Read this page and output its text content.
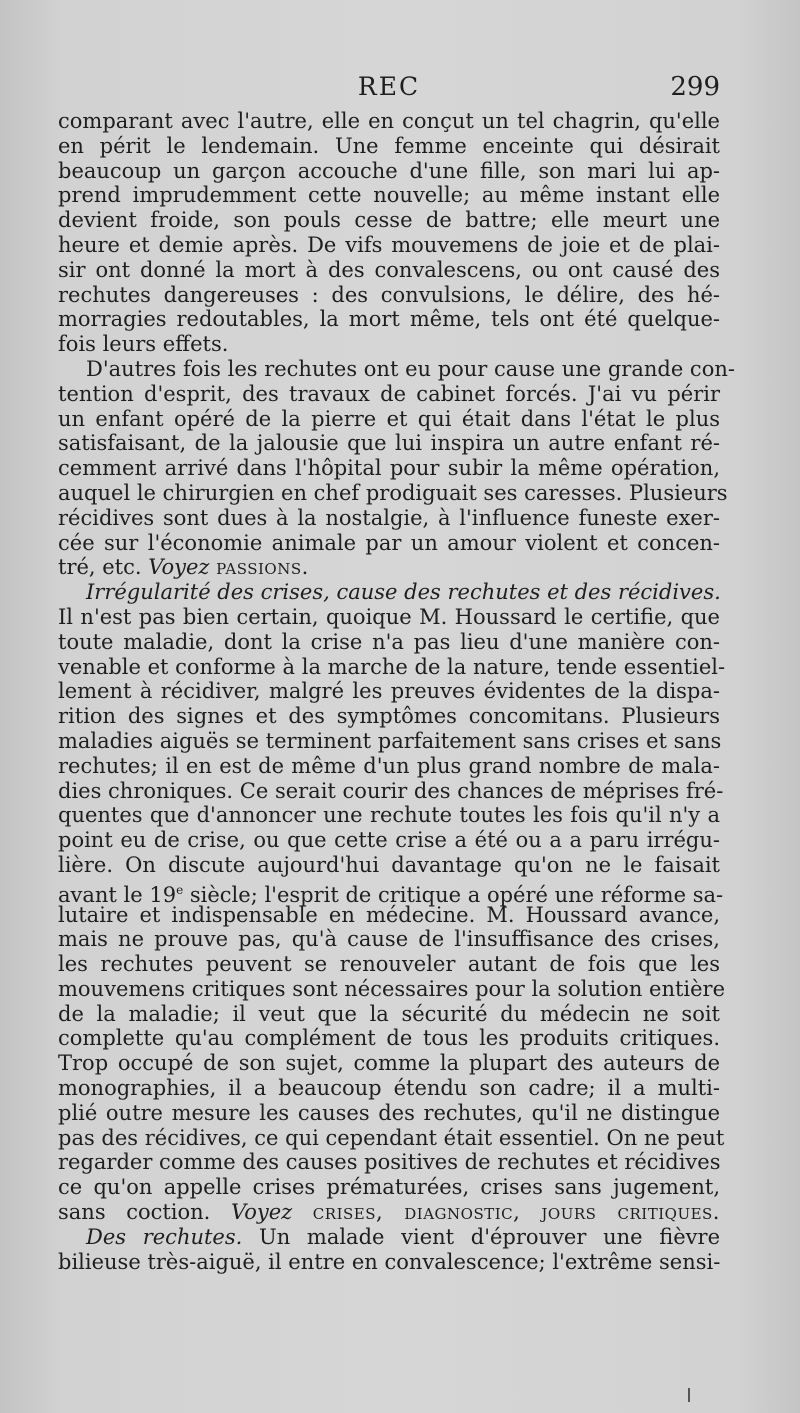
REC	299
comparant avec l'autre, elle en conçut un tel chagrin, qu'elle
en périt le lendemain. Une femme enceinte qui désirait
beaucoup un garçon accouche d'une fille, son mari lui ap-
prend imprudemment cette nouvelle; au même instant elle
devient froide, son pouls cesse de battre; elle meurt une
heure et demie après. De vifs mouvemens de joie et de plai-
sir ont donné la mort à des convalescens, ou ont causé des
rechutes dangereuses : des convulsions, le délire, des hé-
morragies redoutables, la mort même, tels ont été quelque-
fois leurs effets.
D'autres fois les rechutes ont eu pour cause une grande con-
tention d'esprit, des travaux de cabinet forcés. J'ai vu périr
un enfant opéré de la pierre et qui était dans l'état le plus
satisfaisant, de la jalousie que lui inspira un autre enfant ré-
cemment arrivé dans l'hôpital pour subir la même opération,
auquel le chirurgien en chef prodiguait ses caresses. Plusieurs
récidives sont dues à la nostalgie, à l'influence funeste exer-
cée sur l'économie animale par un amour violent et concen-
tré, etc. Voyez passions.
Irrégularité des crises, cause des rechutes et des récidives.
Il n'est pas bien certain, quoique M. Houssard le certifie, que
toute maladie, dont la crise n'a pas lieu d'une manière con-
venable et conforme à la marche de la nature, tende essentiel-
lement à récidiver, malgré les preuves évidentes de la dispa-
rition des signes et des symptômes concomitans. Plusieurs
maladies aiguës se terminent parfaitement sans crises et sans
rechutes; il en est de même d'un plus grand nombre de mala-
dies chroniques. Ce serait courir des chances de méprises fré-
quentes que d'annoncer une rechute toutes les fois qu'il n'y a
point eu de crise, ou que cette crise a été ou a a paru irrégu-
lière. On discute aujourd'hui davantage qu'on ne le faisait
avant le 19e siècle; l'esprit de critique a opéré une réforme sa-
lutaire et indispensable en médecine. M. Houssard avance,
mais ne prouve pas, qu'à cause de l'insuffisance des crises,
les rechutes peuvent se renouveler autant de fois que les
mouvemens critiques sont nécessaires pour la solution entière
de la maladie; il veut que la sécurité du médecin ne soit
complette qu'au complément de tous les produits critiques.
Trop occupé de son sujet, comme la plupart des auteurs de
monographies, il a beaucoup étendu son cadre; il a multi-
plié outre mesure les causes des rechutes, qu'il ne distingue
pas des récidives, ce qui cependant était essentiel. On ne peut
regarder comme des causes positives de rechutes et récidives
ce qu'on appelle crises prématurées, crises sans jugement,
sans coction. Voyez crises, diagnostic, jours critiques.
Des rechutes. Un malade vient d'éprouver une fièvre
bilieuse très-aiguë, il entre en convalescence; l'extrême sensi-
